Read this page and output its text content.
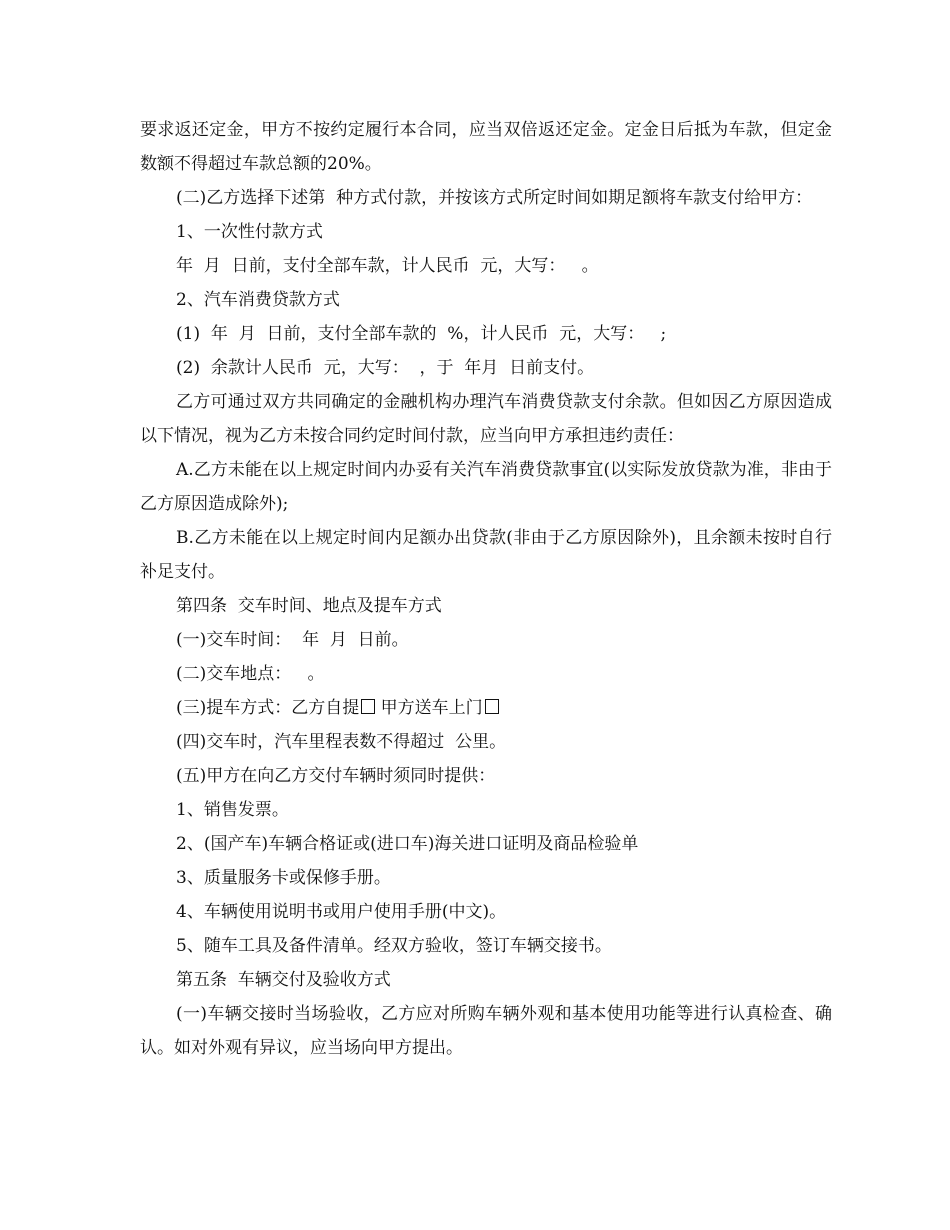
要求返还定金，甲方不按约定履行本合同，应当双倍返还定金。定金日后抵为车款，但定金数额不得超过车款总额的20%。

(二)乙方选择下述第  种方式付款，并按该方式所定时间如期足额将车款支付给甲方：

1、一次性付款方式

年  月  日前，支付全部车款，计人民币  元，大写：   。

2、汽车消费贷款方式

(1)  年  月  日前，支付全部车款的  %，计人民币  元，大写：   ;

(2)  余款计人民币  元，大写：  ，于  年月  日前支付。

乙方可通过双方共同确定的金融机构办理汽车消费贷款支付余款。但如因乙方原因造成以下情况，视为乙方未按合同约定时间付款，应当向甲方承担违约责任：

A.乙方未能在以上规定时间内办妥有关汽车消费贷款事宜(以实际发放贷款为准，非由于乙方原因造成除外);

B.乙方未能在以上规定时间内足额办出贷款(非由于乙方原因除外)，且余额未按时自行补足支付。

第四条  交车时间、地点及提车方式

(一)交车时间：  年  月  日前。

(二)交车地点：   。

(三)提车方式：乙方自提 甲方送车上门

(四)交车时，汽车里程表数不得超过  公里。

(五)甲方在向乙方交付车辆时须同时提供：

1、销售发票。

2、(国产车)车辆合格证或(进口车)海关进口证明及商品检验单

3、质量服务卡或保修手册。

4、车辆使用说明书或用户使用手册(中文)。

5、随车工具及备件清单。经双方验收，签订车辆交接书。

第五条  车辆交付及验收方式

(一)车辆交接时当场验收，乙方应对所购车辆外观和基本使用功能等进行认真检查、确认。如对外观有异议，应当场向甲方提出。
